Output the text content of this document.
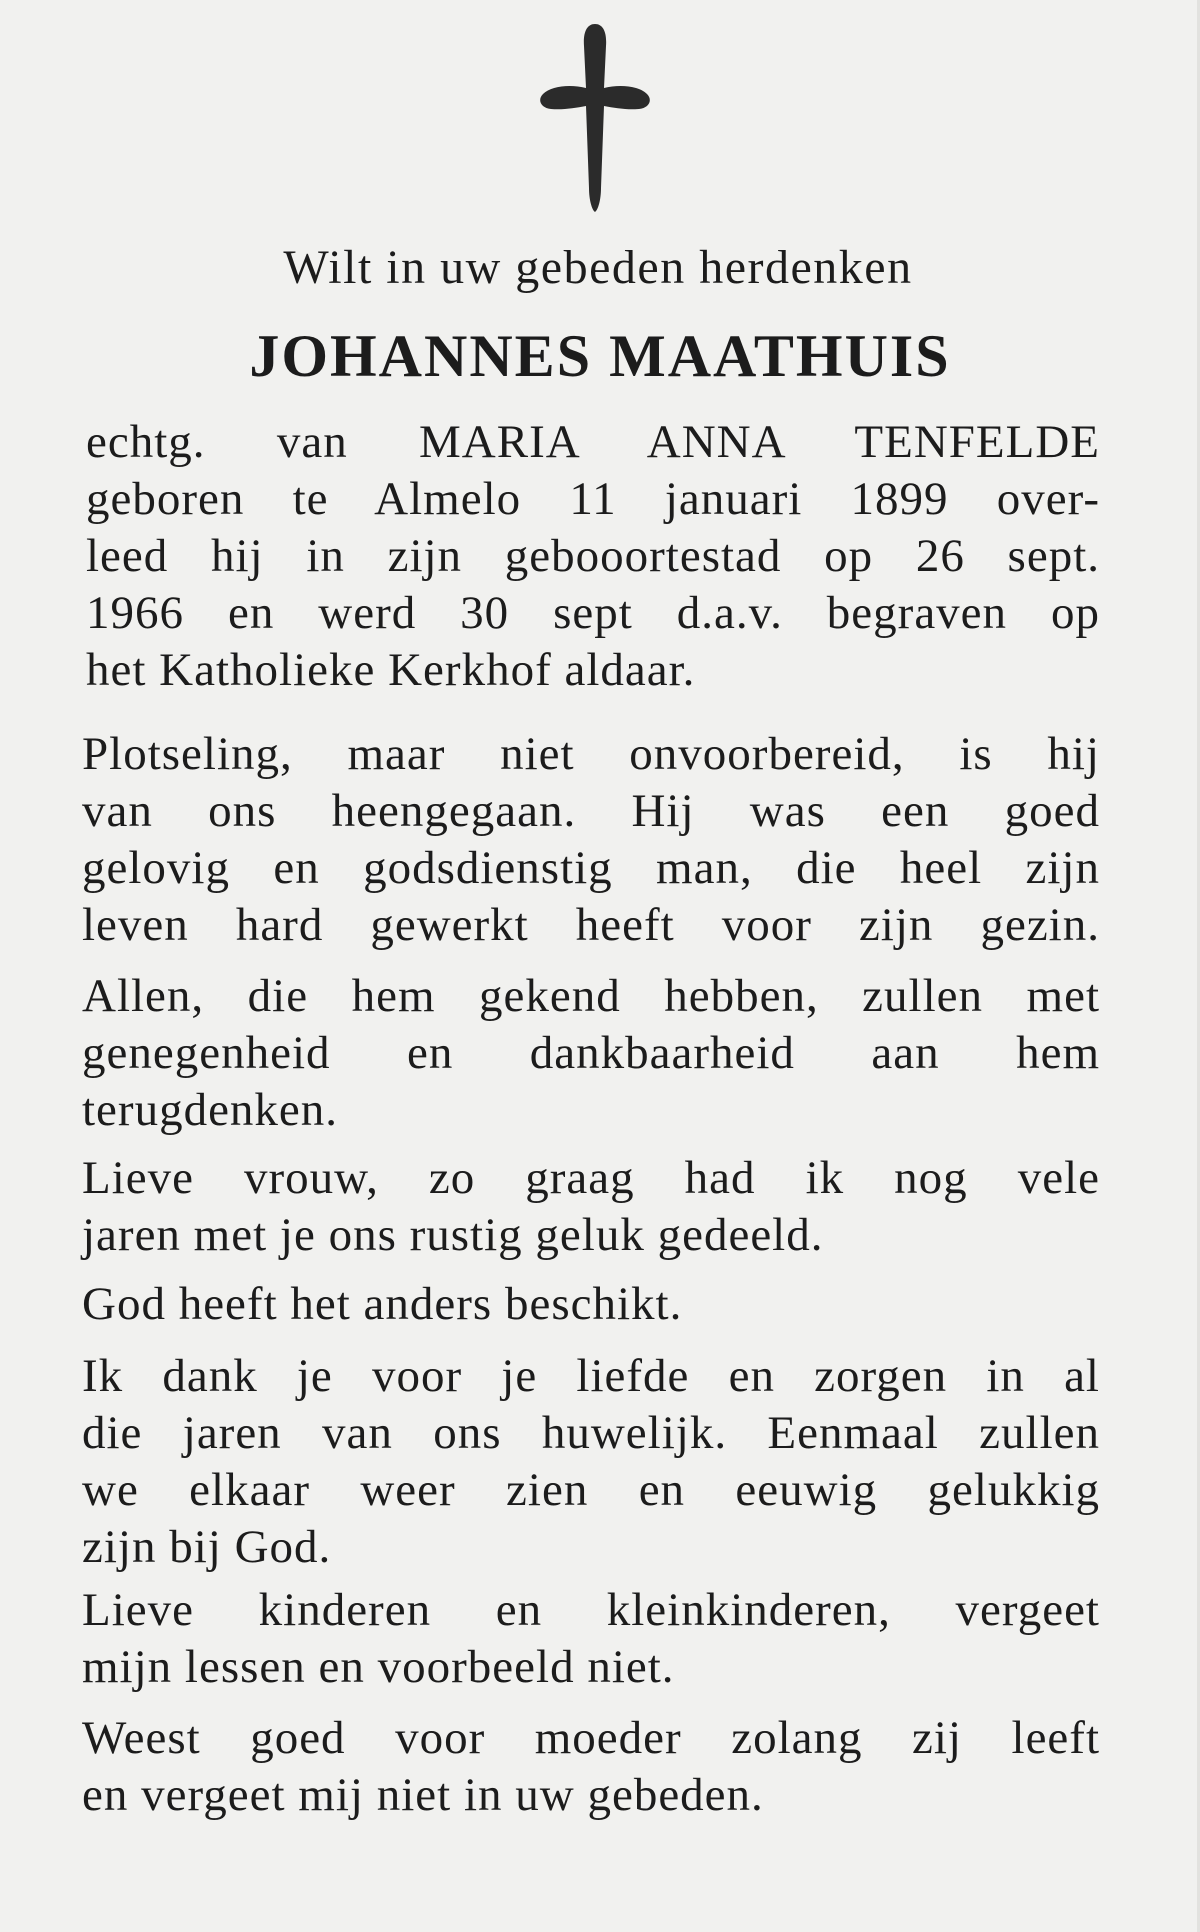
Wilt in uw gebeden herdenken
JOHANNES MAATHUIS
echtg. van MARIA ANNA TENFELDE
geboren te Almelo 11 januari 1899 over-
leed hij in zijn gebooortestad op 26 sept.
1966 en werd 30 sept d.a.v. begraven op
het Katholieke Kerkhof aldaar.
Plotseling, maar niet onvoorbereid, is hij
van ons heengegaan. Hij was een goed
gelovig en godsdienstig man, die heel zijn
leven hard gewerkt heeft voor zijn gezin.
Allen, die hem gekend hebben, zullen met
genegenheid en dankbaarheid aan hem
terugdenken.
Lieve vrouw, zo graag had ik nog vele
jaren met je ons rustig geluk gedeeld.
God heeft het anders beschikt.
Ik dank je voor je liefde en zorgen in al
die jaren van ons huwelijk. Eenmaal zullen
we elkaar weer zien en eeuwig gelukkig
zijn bij God.
Lieve kinderen en kleinkinderen, vergeet
mijn lessen en voorbeeld niet.
Weest goed voor moeder zolang zij leeft
en vergeet mij niet in uw gebeden.
